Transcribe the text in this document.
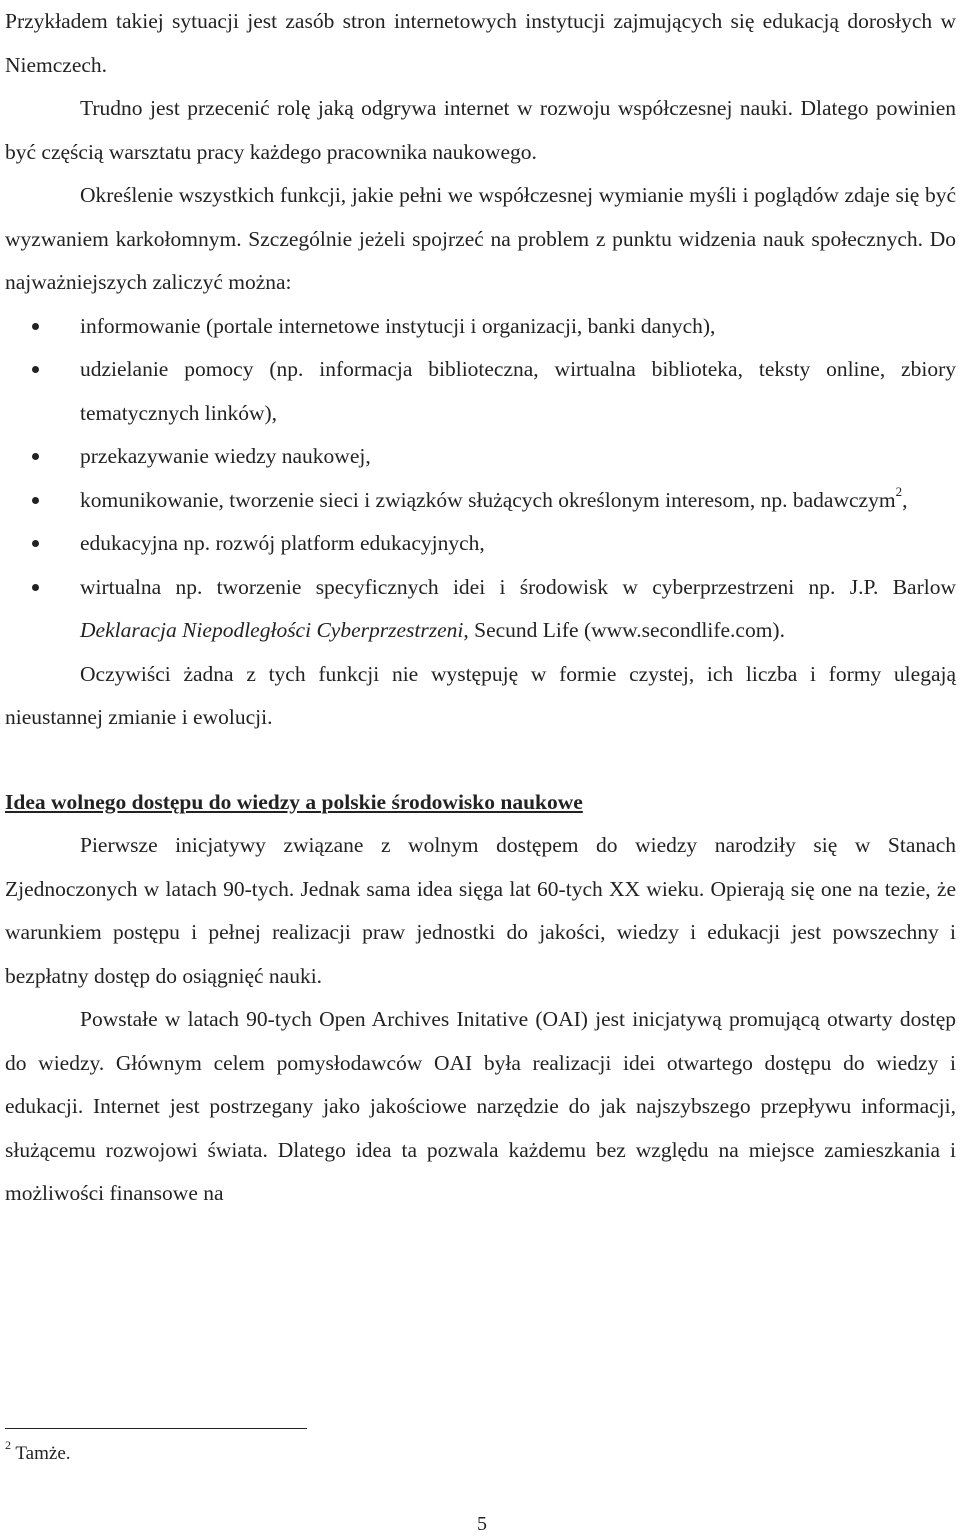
Przykładem takiej sytuacji jest zasób stron internetowych instytucji zajmujących się edukacją dorosłych w Niemczech.

Trudno jest przecenić rolę jaką odgrywa internet w rozwoju współczesnej nauki. Dlatego powinien być częścią warsztatu pracy każdego pracownika naukowego.

Określenie wszystkich funkcji, jakie pełni we współczesnej wymianie myśli i poglądów zdaje się być wyzwaniem karkołomnym. Szczególnie jeżeli spojrzeć na problem z punktu widzenia nauk społecznych. Do najważniejszych zaliczyć można:

informowanie (portale internetowe instytucji i organizacji, banki danych),
udzielanie pomocy (np. informacja biblioteczna, wirtualna biblioteka, teksty online, zbiory tematycznych linków),
przekazywanie wiedzy naukowej,
komunikowanie, tworzenie sieci i związków służących określonym interesom, np. badawczym$^2$,
edukacyjna np. rozwój platform edukacyjnych,
wirtualna np. tworzenie specyficznych idei i środowisk w cyberprzestrzeni np. J.P. Barlow Deklaracja Niepodległości Cyberprzestrzeni, Secund Life (www.secondlife.com).

Oczywiści żadna z tych funkcji nie występuję w formie czystej, ich liczba i formy ulegają nieustannej zmianie i ewolucji.

Idea wolnego dostępu do wiedzy a polskie środowisko naukowe

Pierwsze inicjatywy związane z wolnym dostępem do wiedzy narodziły się w Stanach Zjednoczonych w latach 90-tych. Jednak sama idea sięga lat 60-tych XX wieku. Opierają się one na tezie, że warunkiem postępu i pełnej realizacji praw jednostki do jakości, wiedzy i edukacji jest powszechny i bezpłatny dostęp do osiągnięć nauki.

Powstałe w latach 90-tych Open Archives Initative (OAI) jest inicjatywą promującą otwarty dostęp do wiedzy. Głównym celem pomysłodawców OAI była realizacji idei otwartego dostępu do wiedzy i edukacji. Internet jest postrzegany jako jakościowe narzędzie do jak najszybszego przepływu informacji, służącemu rozwojowi świata. Dlatego idea ta pozwala każdemu bez względu na miejsce zamieszkania i możliwości finansowe na

$^2$ Tamże.
5
